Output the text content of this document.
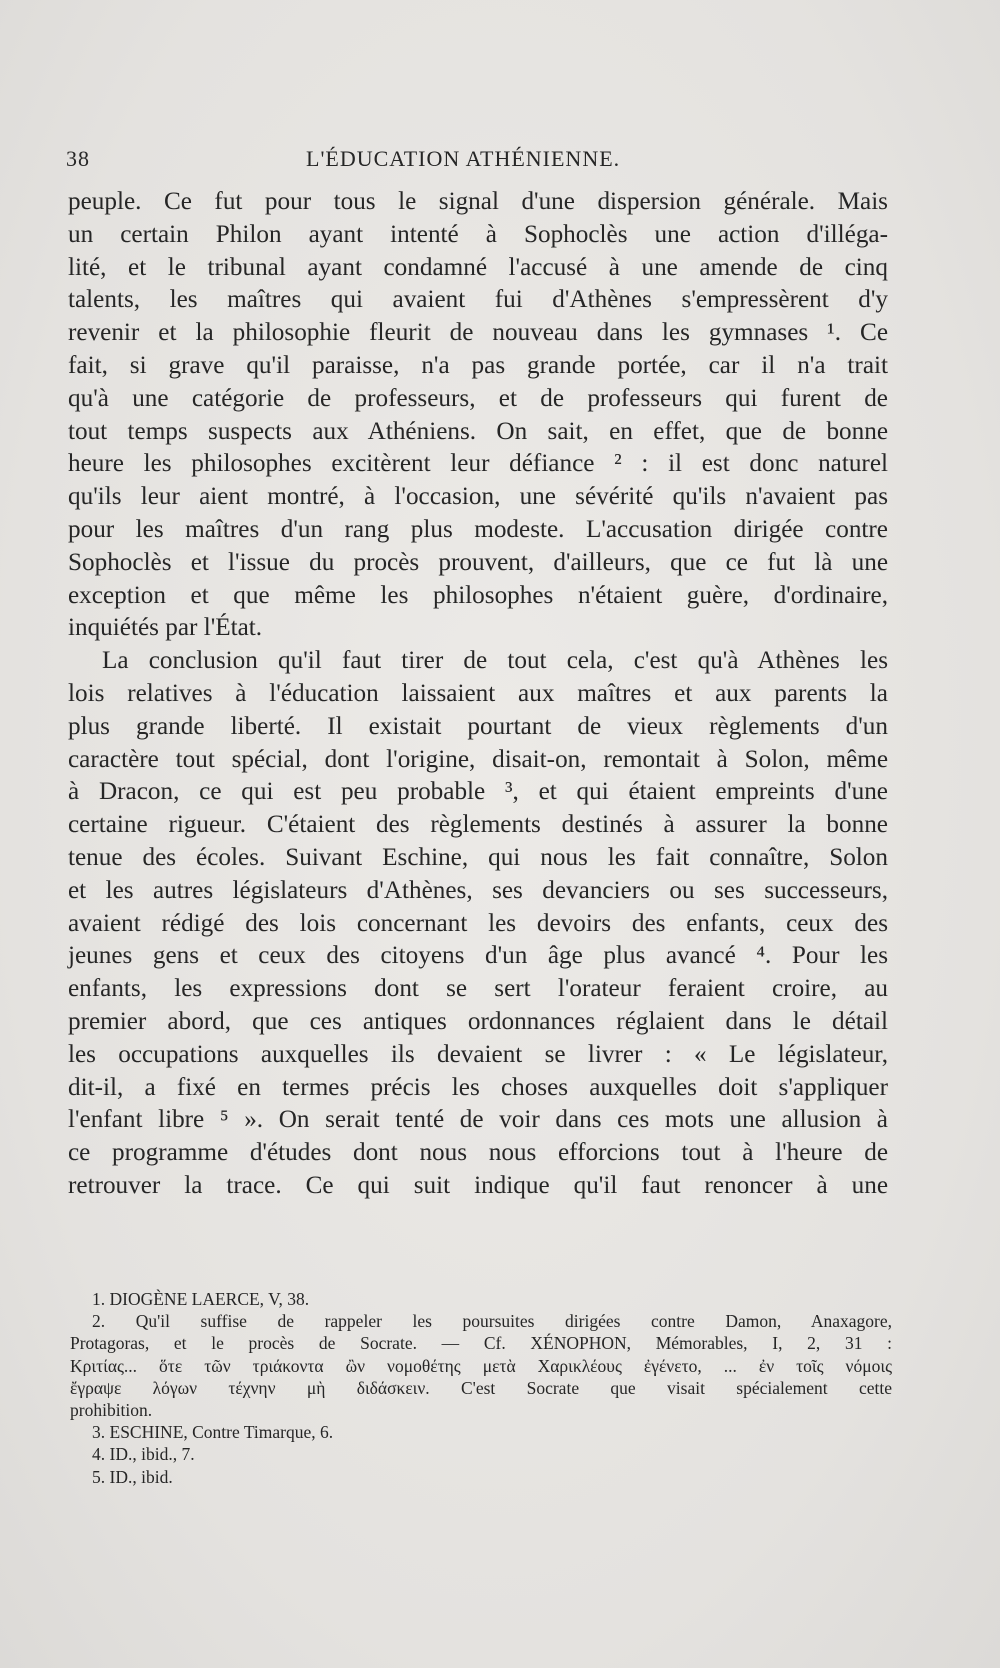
38	L'ÉDUCATION ATHÉNIENNE.
peuple. Ce fut pour tous le signal d'une dispersion générale. Mais
un certain Philon ayant intenté à Sophoclès une action d'illéga-
lité, et le tribunal ayant condamné l'accusé à une amende de cinq
talents, les maîtres qui avaient fui d'Athènes s'empressèrent d'y
revenir et la philosophie fleurit de nouveau dans les gymnases ¹. Ce
fait, si grave qu'il paraisse, n'a pas grande portée, car il n'a trait
qu'à une catégorie de professeurs, et de professeurs qui furent de
tout temps suspects aux Athéniens. On sait, en effet, que de bonne
heure les philosophes excitèrent leur défiance ² : il est donc naturel
qu'ils leur aient montré, à l'occasion, une sévérité qu'ils n'avaient pas
pour les maîtres d'un rang plus modeste. L'accusation dirigée contre
Sophoclès et l'issue du procès prouvent, d'ailleurs, que ce fut là une
exception et que même les philosophes n'étaient guère, d'ordinaire,
inquiétés par l'État.
La conclusion qu'il faut tirer de tout cela, c'est qu'à Athènes les
lois relatives à l'éducation laissaient aux maîtres et aux parents la
plus grande liberté. Il existait pourtant de vieux règlements d'un
caractère tout spécial, dont l'origine, disait-on, remontait à Solon, même
à Dracon, ce qui est peu probable ³, et qui étaient empreints d'une
certaine rigueur. C'étaient des règlements destinés à assurer la bonne
tenue des écoles. Suivant Eschine, qui nous les fait connaître, Solon
et les autres législateurs d'Athènes, ses devanciers ou ses successeurs,
avaient rédigé des lois concernant les devoirs des enfants, ceux des
jeunes gens et ceux des citoyens d'un âge plus avancé ⁴. Pour les
enfants, les expressions dont se sert l'orateur feraient croire, au
premier abord, que ces antiques ordonnances réglaient dans le détail
les occupations auxquelles ils devaient se livrer : « Le législateur,
dit-il, a fixé en termes précis les choses auxquelles doit s'appliquer
l'enfant libre ⁵ ». On serait tenté de voir dans ces mots une allusion à
ce programme d'études dont nous nous efforcions tout à l'heure de
retrouver la trace. Ce qui suit indique qu'il faut renoncer à une
1. DIOGÈNE LAERCE, V, 38.
2. Qu'il suffise de rappeler les poursuites dirigées contre Damon, Anaxagore,
Protagoras, et le procès de Socrate. — Cf. XÉNOPHON, Mémorables, I, 2, 31 :
Κριτίας... ὅτε τῶν τριάκοντα ὢν νομοθέτης μετὰ Χαρικλέους ἐγένετο, ... ἐν τοῖς νόμοις
ἔγραψε λόγων τέχνην μὴ διδάσκειν. C'est Socrate que visait spécialement cette
prohibition.
3. ESCHINE, Contre Timarque, 6.
4. ID., ibid., 7.
5. ID., ibid.
